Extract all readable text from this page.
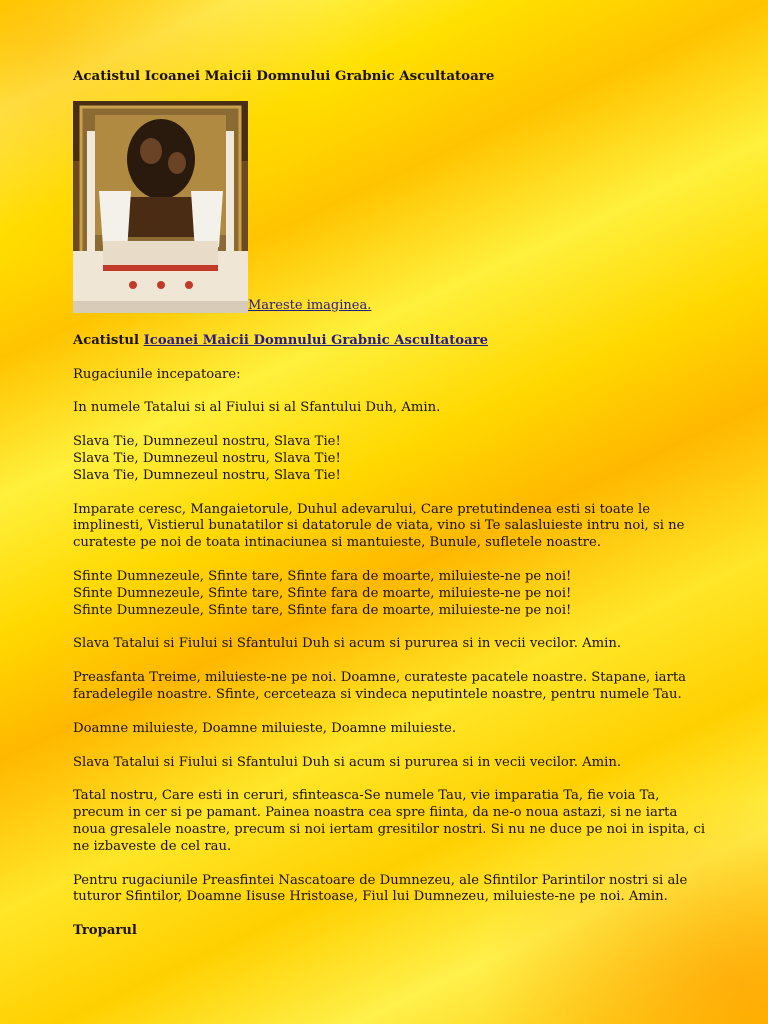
Acatistul Icoanei Maicii Domnului Grabnic Ascultatoare

Mareste imaginea.

Acatistul Icoanei Maicii Domnului Grabnic Ascultatoare

Rugaciunile incepatoare:

In numele Tatalui si al Fiului si al Sfantului Duh, Amin.

Slava Tie, Dumnezeul nostru, Slava Tie!
Slava Tie, Dumnezeul nostru, Slava Tie!
Slava Tie, Dumnezeul nostru, Slava Tie!

Imparate ceresc, Mangaietorule, Duhul adevarului, Care pretutindenea esti si toate le implinesti, Vistierul bunatatilor si datatorule de viata, vino si Te salasluieste intru noi, si ne curateste pe noi de toata intinaciunea si mantuieste, Bunule, sufletele noastre.

Sfinte Dumnezeule, Sfinte tare, Sfinte fara de moarte, miluieste-ne pe noi!
Sfinte Dumnezeule, Sfinte tare, Sfinte fara de moarte, miluieste-ne pe noi!
Sfinte Dumnezeule, Sfinte tare, Sfinte fara de moarte, miluieste-ne pe noi!

Slava Tatalui si Fiului si Sfantului Duh si acum si pururea si in vecii vecilor. Amin.

Preasfanta Treime, miluieste-ne pe noi. Doamne, curateste pacatele noastre. Stapane, iarta faradelegile noastre. Sfinte, cerceteaza si vindeca neputintele noastre, pentru numele Tau.

Doamne miluieste, Doamne miluieste, Doamne miluieste.

Slava Tatalui si Fiului si Sfantului Duh si acum si pururea si in vecii vecilor. Amin.

Tatal nostru, Care esti in ceruri, sfinteasca-Se numele Tau, vie imparatia Ta, fie voia Ta, precum in cer si pe pamant. Painea noastra cea spre fiinta, da ne-o noua astazi, si ne iarta noua gresalele noastre, precum si noi iertam gresitilor nostri. Si nu ne duce pe noi in ispita, ci ne izbaveste de cel rau.

Pentru rugaciunile Preasfintei Nascatoare de Dumnezeu, ale Sfintilor Parintilor nostri si ale tuturor Sfintilor, Doamne Iisuse Hristoase, Fiul lui Dumnezeu, miluieste-ne pe noi. Amin.

Troparul
